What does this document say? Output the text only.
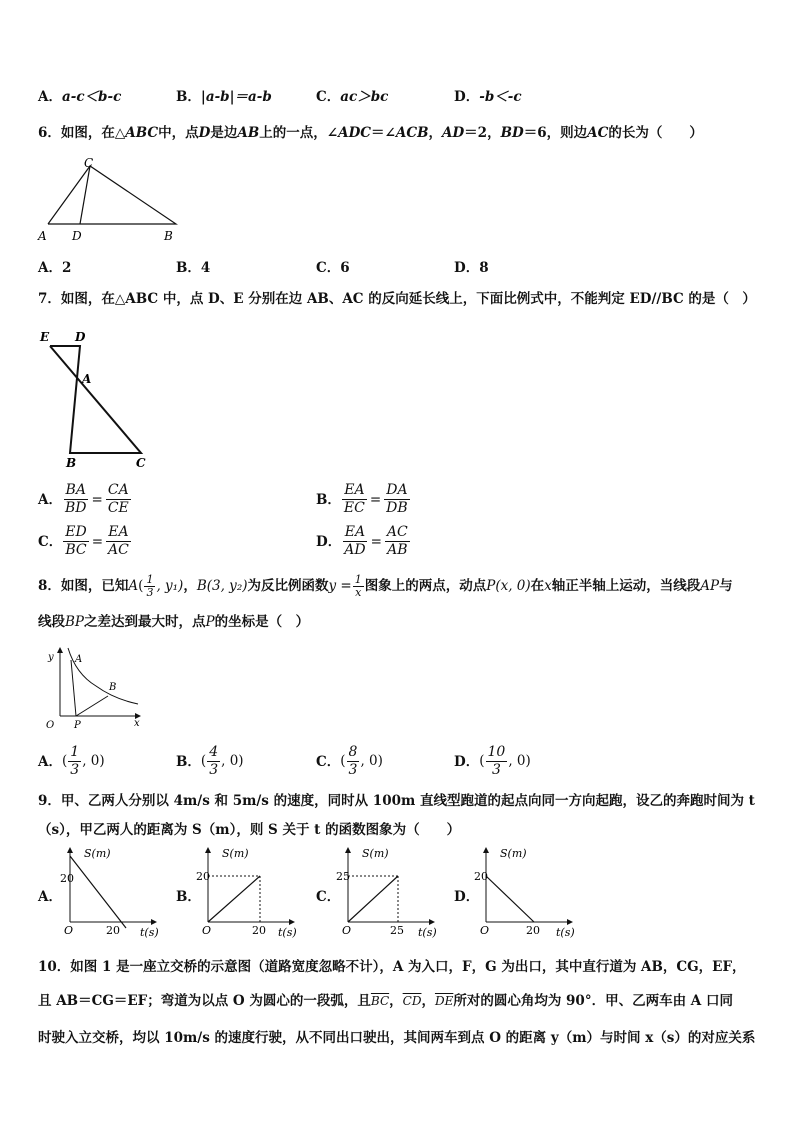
A．a-c＜b-c	B．|a-b|＝a-b	C．ac＞bc	D．-b＜-c
6．如图，在△ABC中，点D是边AB上的一点，∠ADC＝∠ACB，AD＝2，BD＝6，则边AC的长为（　　）
C
A D	B
A．2	B．4	C．6	D．8
7．如图，在△ABC 中，点 D、E 分别在边 AB、AC 的反向延长线上，下面比例式中，不能判定 ED//BC 的是（　）
E D
A
B	C
A． $\frac{BA}{BD} = \frac{CA}{CE}$	B． $\frac{EA}{EC} = \frac{DA}{DB}$
C． $\frac{ED}{BC} = \frac{EA}{AC}$	D． $\frac{EA}{AD} = \frac{AC}{AB}$
8．如图，已知$A( \frac{1}{3}$ , y₁)，B(3, y₂)为反比例函数$y = \frac{1}{x}$ 图象上的两点，动点P(x, 0)在x轴正半轴上运动，当线段AP与
线段BP之差达到最大时，点P的坐标是（　）
y A
B
O P	x
A．( $\frac{1}{3}$ , 0)	B．( $\frac{4}{3}$ , 0)	C．( $\frac{8}{3}$ , 0)	D．( $\frac{10}{3}$ , 0)
9．甲、乙两人分别以 4m/s 和 5m/s 的速度，同时从 100m 直线型跑道的起点向同一方向起跑，设乙的奔跑时间为 t
（s），甲乙两人的距离为 S（m），则 S 关于 t 的函数图象为（　　）
A．
S(m)
t(s)
20
20
O
B．
S(m)
t(s)
20
20
O
C．
S(m)
t(s)
25
25
O
D．
S(m)
t(s)
20
20
O
10．如图 1 是一座立交桥的示意图（道路宽度忽略不计），A 为入口，F，G 为出口，其中直行道为 AB，CG，EF，
且 AB＝CG＝EF；弯道为以点 O 为圆心的一段弧，且$\overline{BC}$，$\overline{CD}$，$\overline{DE}$所对的圆心角均为 90°．甲、乙两车由 A 口同
时驶入立交桥，均以 10m/s 的速度行驶，从不同出口驶出，其间两车到点 O 的距离 y（m）与时间 x（s）的对应关系
